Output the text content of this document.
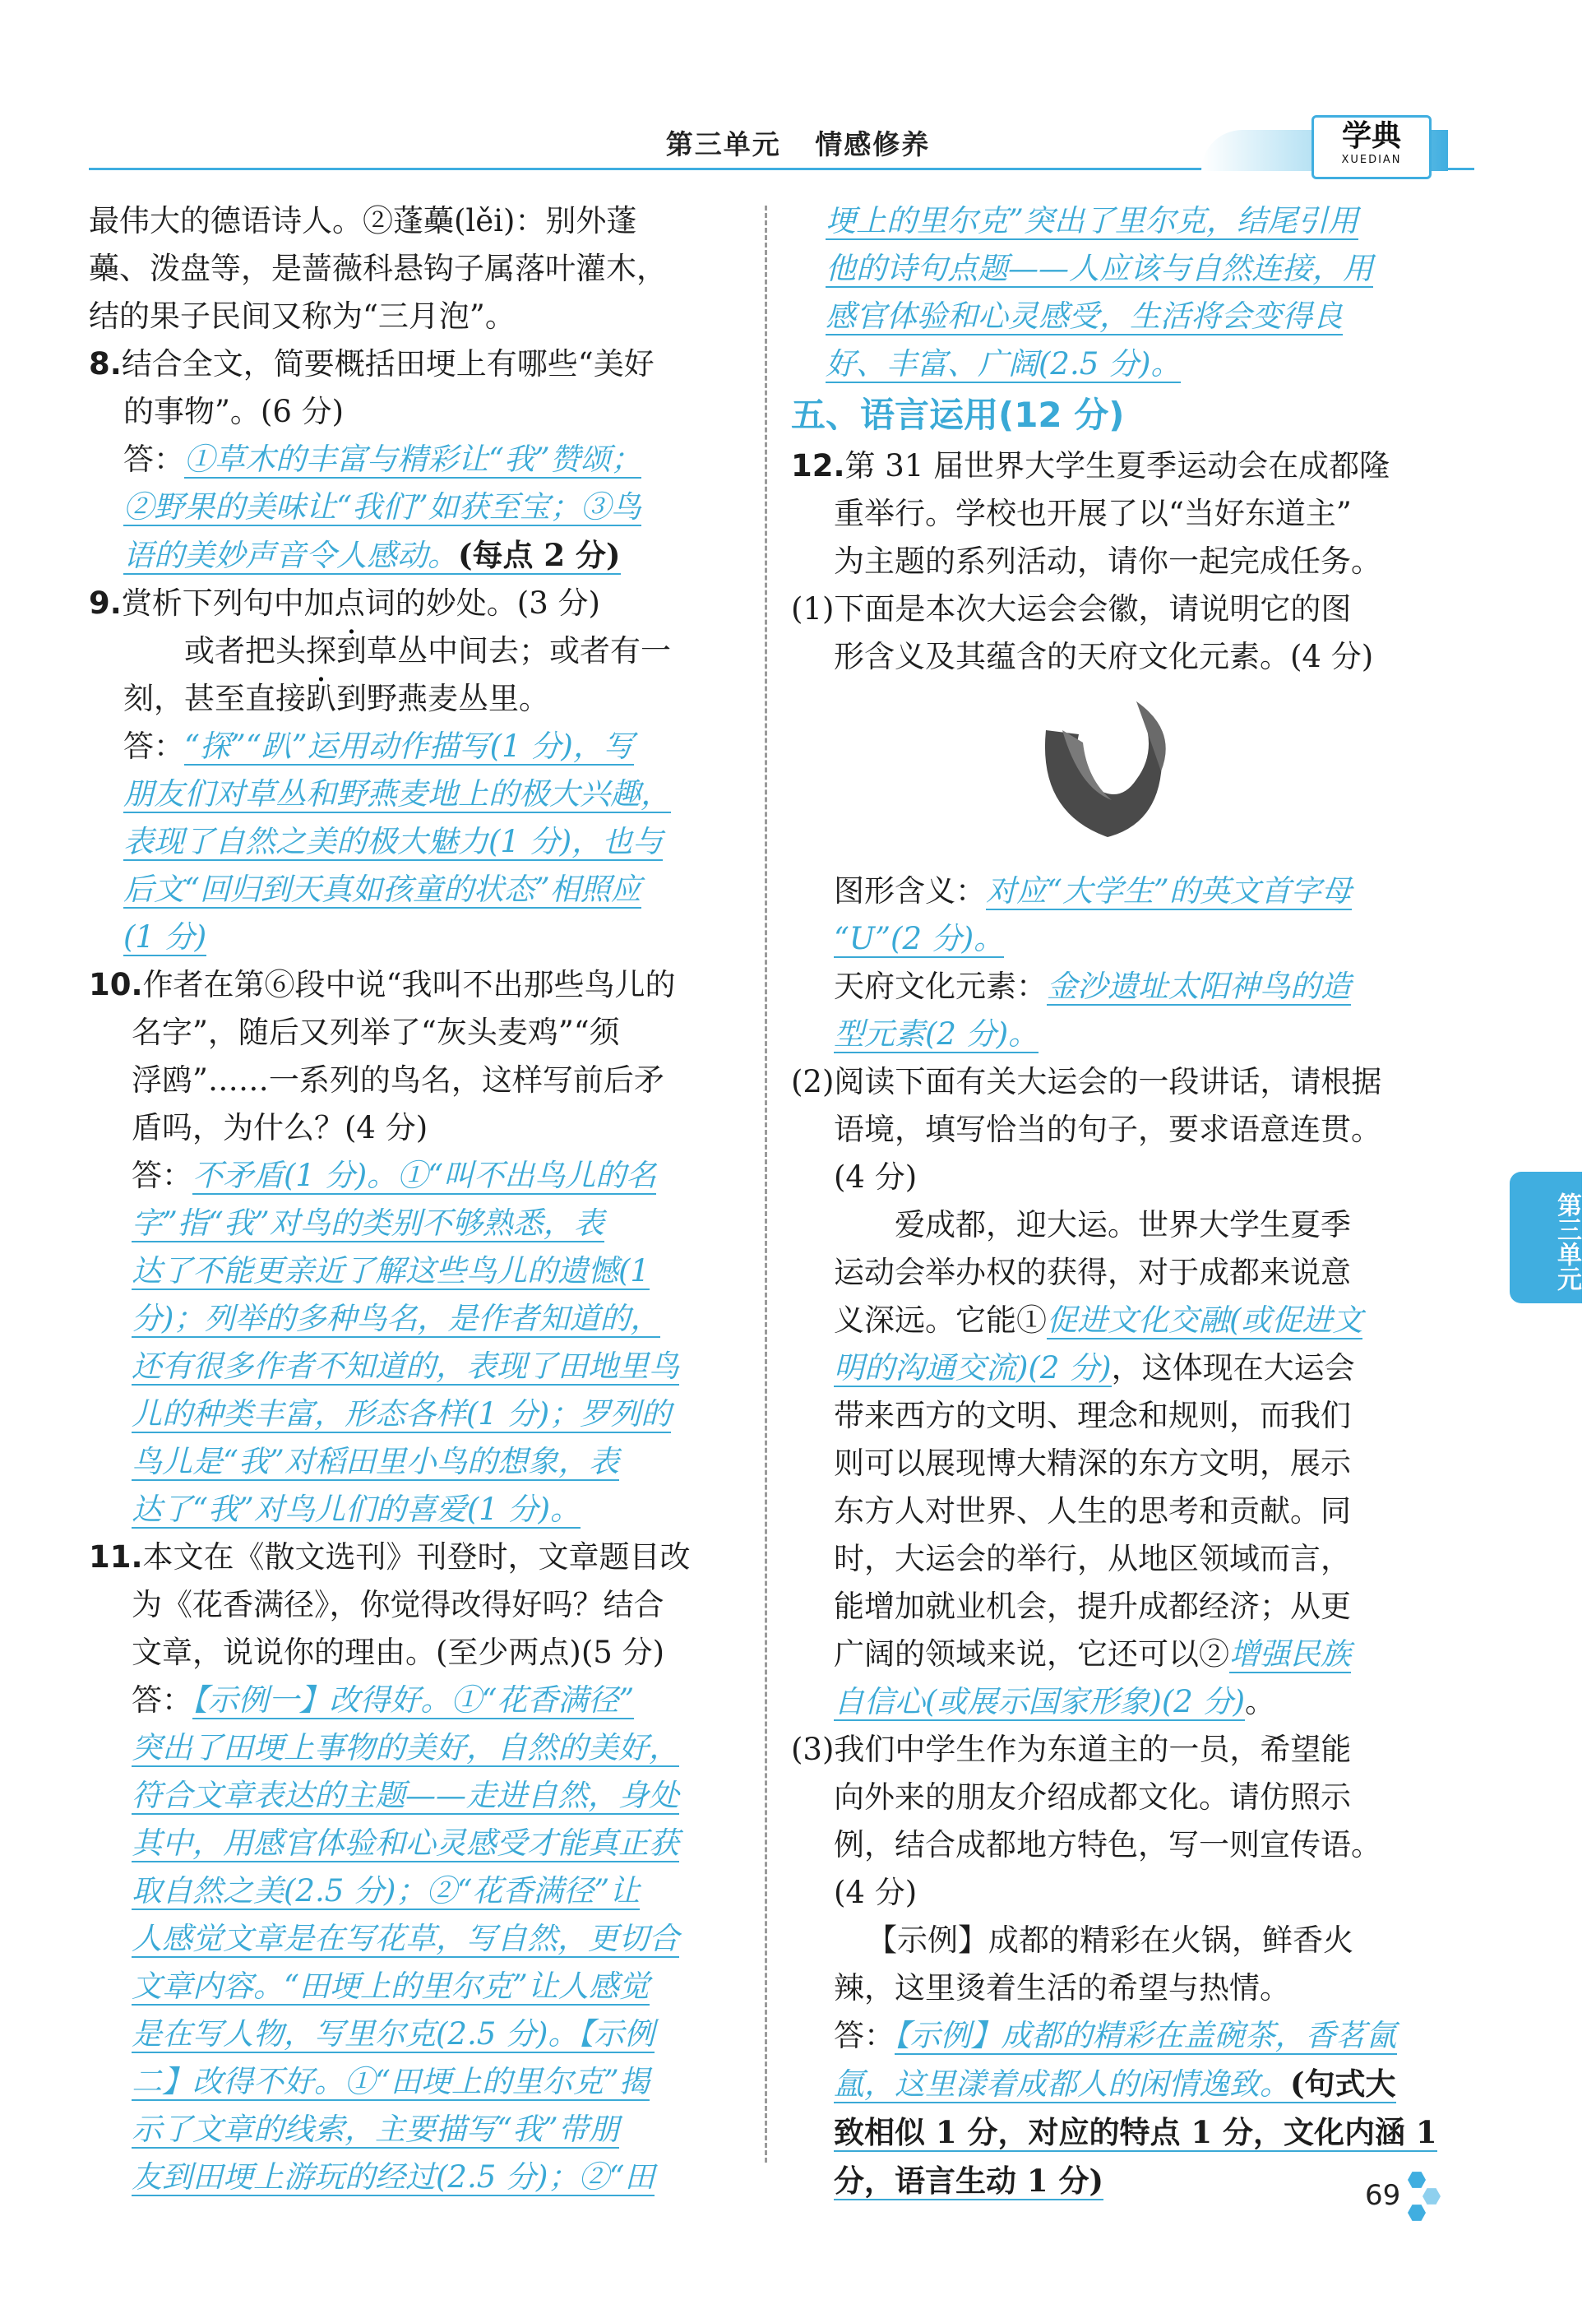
第三单元 情感修养	学典
XUEDIAN

最伟大的德语诗人。②蓬蘽(lěi)：别外蓬

蘽、泼盘等，是蔷薇科悬钩子属落叶灌木，

结的果子民间又称为“三月泡”。

8.结合全文，简要概括田埂上有哪些“美好

的事物”。(6 分)

答：①草木的丰富与精彩让“我”赞颂；

②野果的美味让“我们”如获至宝；③鸟

语的美妙声音令人感动。(每点 2 分)

9.赏析下列句中加点词的妙处。(3 分)

或者把头探到草丛中间去；或者有一

刻，甚至直接趴到野燕麦丛里。

答：“探”“趴”运用动作描写(1 分)，写

朋友们对草丛和野燕麦地上的极大兴趣，

表现了自然之美的极大魅力(1 分)，也与

后文“回归到天真如孩童的状态”相照应

(1 分)

10.作者在第⑥段中说“我叫不出那些鸟儿的

名字”，随后又列举了“灰头麦鸡”“须

浮鸥”……一系列的鸟名，这样写前后矛

盾吗，为什么？(4 分)

答：不矛盾(1 分)。①“叫不出鸟儿的名

字”指“我”对鸟的类别不够熟悉，表

达了不能更亲近了解这些鸟儿的遗憾(1

分)；列举的多种鸟名，是作者知道的，

还有很多作者不知道的，表现了田地里鸟

儿的种类丰富，形态各样(1 分)；罗列的

鸟儿是“我”对稻田里小鸟的想象，表

达了“我”对鸟儿们的喜爱(1 分)。

11.本文在《散文选刊》刊登时，文章题目改

为《花香满径》，你觉得改得好吗？结合

文章，说说你的理由。(至少两点)(5 分)

答：【示例一】改得好。①“花香满径”

突出了田埂上事物的美好，自然的美好，

符合文章表达的主题——走进自然，身处

其中，用感官体验和心灵感受才能真正获

取自然之美(2.5 分)；②“花香满径”让

人感觉文章是在写花草，写自然，更切合

文章内容。“田埂上的里尔克”让人感觉

是在写人物，写里尔克(2.5 分)。【示例

二】改得不好。①“田埂上的里尔克”揭

示了文章的线索，主要描写“我”带朋

友到田埂上游玩的经过(2.5 分)；②“田

埂上的里尔克”突出了里尔克，结尾引用

他的诗句点题——人应该与自然连接，用

感官体验和心灵感受，生活将会变得良

好、丰富、广阔(2.5 分)。

五、语言运用(12 分)

12.第 31 届世界大学生夏季运动会在成都隆

重举行。学校也开展了以“当好东道主”

为主题的系列活动，请你一起完成任务。

(1)下面是本次大运会会徽，请说明它的图

形含义及其蕴含的天府文化元素。(4 分)

图形含义：对应“大学生”的英文首字母

“U”(2 分)。

天府文化元素：金沙遗址太阳神鸟的造

型元素(2 分)。

(2)阅读下面有关大运会的一段讲话，请根据

语境，填写恰当的句子，要求语意连贯。

(4 分)

爱成都，迎大运。世界大学生夏季

运动会举办权的获得，对于成都来说意

义深远。它能①促进文化交融(或促进文

明的沟通交流)(2 分)，这体现在大运会

带来西方的文明、理念和规则，而我们

则可以展现博大精深的东方文明，展示

东方人对世界、人生的思考和贡献。同

时，大运会的举行，从地区领域而言，

能增加就业机会，提升成都经济；从更

广阔的领域来说，它还可以②增强民族

自信心(或展示国家形象)(2 分)。

(3)我们中学生作为东道主的一员，希望能

向外来的朋友介绍成都文化。请仿照示

例，结合成都地方特色，写一则宣传语。

(4 分)

【示例】成都的精彩在火锅，鲜香火

辣，这里烫着生活的希望与热情。

答：【示例】成都的精彩在盖碗茶，香茗氤

氲，这里漾着成都人的闲情逸致。(句式大

致相似 1 分，对应的特点 1 分，文化内涵 1

分，语言生动 1 分)

第三单元
69
